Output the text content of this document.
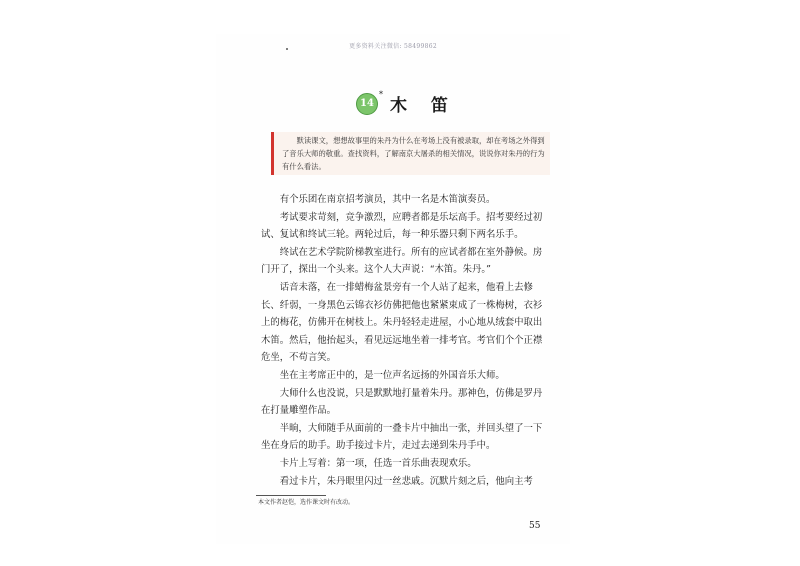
更多资料关注微信: 58499862
14
*
木 笛

默读课文，想想故事里的朱丹为什么在考场上没有被录取，却在考场之外得到了音乐大师的敬重。查找资料，了解南京大屠杀的相关情况，说说你对朱丹的行为有什么看法。

有个乐团在南京招考演员，其中一名是木笛演奏员。

考试要求苛刻，竞争激烈，应聘者都是乐坛高手。招考要经过初试、复试和终试三轮。两轮过后，每一种乐器只剩下两名乐手。

终试在艺术学院阶梯教室进行。所有的应试者都在室外静候。房门开了，探出一个头来。这个人大声说：“木笛。朱丹。”

话音未落，在一排蜡梅盆景旁有一个人站了起来，他看上去修长、纤弱，一身黑色云锦衣衫仿佛把他也紧紧束成了一株梅树，衣衫上的梅花，仿佛开在树枝上。朱丹轻轻走进屋，小心地从绒套中取出木笛。然后，他抬起头，看见远远地坐着一排考官。考官们个个正襟危坐，不苟言笑。

坐在主考席正中的，是一位声名远扬的外国音乐大师。

大师什么也没说，只是默默地打量着朱丹。那神色，仿佛是罗丹在打量雕塑作品。

半晌，大师随手从面前的一叠卡片中抽出一张，并回头望了一下坐在身后的助手。助手接过卡片，走过去递到朱丹手中。

卡片上写着：第一项，任选一首乐曲表现欢乐。

看过卡片，朱丹眼里闪过一丝悲戚。沉默片刻之后，他向主考

本文作者赵恺，选作课文时有改动。
55
